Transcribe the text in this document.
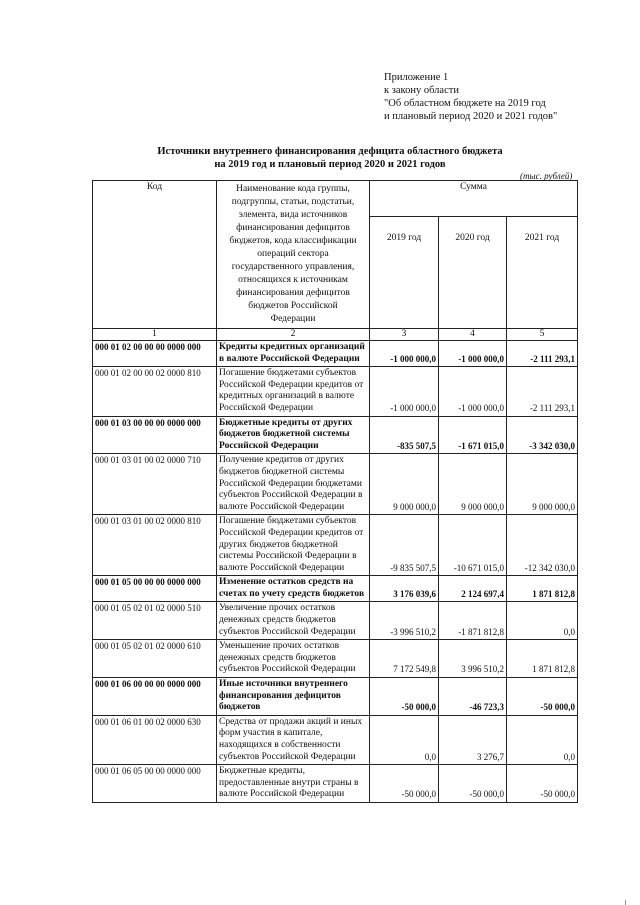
Приложение 1
к закону области
"Об областном бюджете на 2019 год
и плановый период 2020 и 2021 годов"
Источники внутреннего финансирования дефицита областного бюджета
на 2019 год и плановый период 2020 и 2021 годов
(тыс. рублей)
Код	Наименование кода группы, подгруппы, статьи, подстатьи, элемента, вида источников финансирования дефицитов бюджетов, кода классификации операций сектора государственного управления, относящихся к источникам финансирования дефицитов бюджетов Российской Федерации	Сумма		
		2019 год	2020 год	2021 год
1	2	3	4	5
000 01 02 00 00 00 0000 000	Кредиты кредитных организаций в валюте Российской Федерации	-1 000 000,0	-1 000 000,0	-2 111 293,1
000 01 02 00 00 02 0000 810	Погашение бюджетами субъектов Российской Федерации кредитов от кредитных организаций в валюте Российской Федерации	-1 000 000,0	-1 000 000,0	-2 111 293,1
000 01 03 00 00 00 0000 000	Бюджетные кредиты от других бюджетов бюджетной системы Российской Федерации	-835 507,5	-1 671 015,0	-3 342 030,0
000 01 03 01 00 02 0000 710	Получение кредитов от других бюджетов бюджетной системы Российской Федерации бюджетами субъектов Российской Федерации в валюте Российской Федерации	9 000 000,0	9 000 000,0	9 000 000,0
000 01 03 01 00 02 0000 810	Погашение бюджетами субъектов Российской Федерации кредитов от других бюджетов бюджетной системы Российской Федерации в валюте Российской Федерации	-9 835 507,5	-10 671 015,0	-12 342 030,0
000 01 05 00 00 00 0000 000	Изменение остатков средств на счетах по учету средств бюджетов	3 176 039,6	2 124 697,4	1 871 812,8
000 01 05 02 01 02 0000 510	Увеличение прочих остатков денежных средств бюджетов субъектов Российской Федерации	-3 996 510,2	-1 871 812,8	0,0
000 01 05 02 01 02 0000 610	Уменьшение прочих остатков денежных средств бюджетов субъектов Российской Федерации	7 172 549,8	3 996 510,2	1 871 812,8
000 01 06 00 00 00 0000 000	Иные источники внутреннего финансирования дефицитов бюджетов	-50 000,0	-46 723,3	-50 000,0
000 01 06 01 00 02 0000 630	Средства от продажи акций и иных форм участия в капитале, находящихся в собственности субъектов Российской Федерации	0,0	3 276,7	0,0
000 01 06 05 00 00 0000 000	Бюджетные кредиты, предоставленные внутри страны в валюте Российской Федерации	-50 000,0	-50 000,0	-50 000,0
